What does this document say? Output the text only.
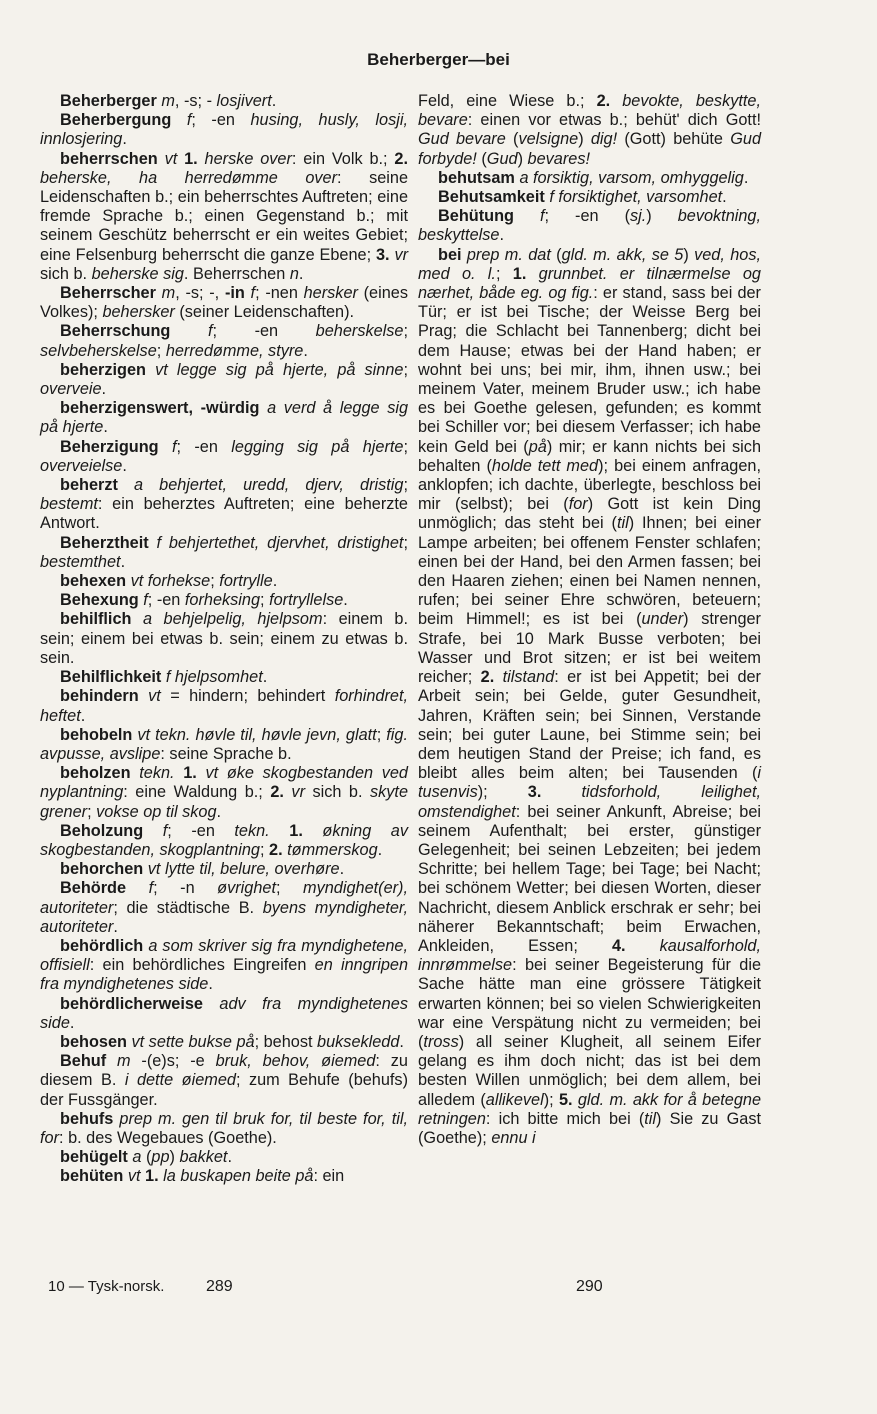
Beherberger—bei

Beherberger m, -s; - losjivert.

Beherbergung f; -en husing, husly, losji, innlosjering.

beherrschen vt 1. herske over: ein Volk b.; 2. beherske, ha herredømme over: seine Leidenschaften b.; ein beherrschtes Auftreten; eine fremde Sprache b.; einen Gegenstand b.; mit seinem Geschütz beherrscht er ein weites Gebiet; eine Felsenburg beherrscht die ganze Ebene; 3. vr sich b. beherske sig. Beherrschen n.

Beherrscher m, -s; -, -in f; -nen hersker (eines Volkes); behersker (seiner Leidenschaften).

Beherrschung f; -en beherskelse; selvbeherskelse; herredømme, styre.

beherzigen vt legge sig på hjerte, på sinne; overveie.

beherzigenswert, -würdig a verd å legge sig på hjerte.

Beherzigung f; -en legging sig på hjerte; overveielse.

beherzt a behjertet, uredd, djerv, dristig; bestemt: ein beherztes Auftreten; eine beherzte Antwort.

Beherztheit f behjertethet, djervhet, dristighet; bestemthet.

behexen vt forhekse; fortrylle.

Behexung f; -en forheksing; fortryllelse.

behilflich a behjelpelig, hjelpsom: einem b. sein; einem bei etwas b. sein; einem zu etwas b. sein.

Behilflichkeit f hjelpsomhet.

behindern vt = hindern; behindert forhindret, heftet.

behobeln vt tekn. høvle til, høvle jevn, glatt; fig. avpusse, avslipe: seine Sprache b.

beholzen tekn. 1. vt øke skogbestanden ved nyplantning: eine Waldung b.; 2. vr sich b. skyte grener; vokse op til skog.

Beholzung f; -en tekn. 1. økning av skogbestanden, skogplantning; 2. tømmerskog.

behorchen vt lytte til, belure, overhøre.

Behörde f; -n øvrighet; myndighet(er), autoriteter; die städtische B. byens myndigheter, autoriteter.

behördlich a som skriver sig fra myndighetene, offisiell: ein behördliches Eingreifen en inngripen fra myndighetenes side.

behördlicherweise adv fra myndighetenes side.

behosen vt sette bukse på; behost buksekledd.

Behuf m -(e)s; -e bruk, behov, øiemed: zu diesem B. i dette øiemed; zum Behufe (behufs) der Fussgänger.

behufs prep m. gen til bruk for, til beste for, til, for: b. des Wegebaues (Goethe).

behügelt a (pp) bakket.

behüten vt 1. la buskapen beite på: ein

Feld, eine Wiese b.; 2. bevokte, beskytte, bevare: einen vor etwas b.; behüt' dich Gott! Gud bevare (velsigne) dig! (Gott) behüte Gud forbyde! (Gud) bevares!

behutsam a forsiktig, varsom, omhyggelig.

Behutsamkeit f forsiktighet, varsomhet.

Behütung f; -en (sj.) bevoktning, beskyttelse.

bei prep m. dat (gld. m. akk, se 5) ved, hos, med o. l.; 1. grunnbet. er tilnærmelse og nærhet, både eg. og fig.: er stand, sass bei der Tür; er ist bei Tische; der Weisse Berg bei Prag; die Schlacht bei Tannenberg; dicht bei dem Hause; etwas bei der Hand haben; er wohnt bei uns; bei mir, ihm, ihnen usw.; bei meinem Vater, meinem Bruder usw.; ich habe es bei Goethe gelesen, gefunden; es kommt bei Schiller vor; bei diesem Verfasser; ich habe kein Geld bei (på) mir; er kann nichts bei sich behalten (holde tett med); bei einem anfragen, anklopfen; ich dachte, überlegte, beschloss bei mir (selbst); bei (for) Gott ist kein Ding unmöglich; das steht bei (til) Ihnen; bei einer Lampe arbeiten; bei offenem Fenster schlafen; einen bei der Hand, bei den Armen fassen; bei den Haaren ziehen; einen bei Namen nennen, rufen; bei seiner Ehre schwören, beteuern; beim Himmel!; es ist bei (under) strenger Strafe, bei 10 Mark Busse verboten; bei Wasser und Brot sitzen; er ist bei weitem reicher; 2. tilstand: er ist bei Appetit; bei der Arbeit sein; bei Gelde, guter Gesundheit, Jahren, Kräften sein; bei Sinnen, Verstande sein; bei guter Laune, bei Stimme sein; bei dem heutigen Stand der Preise; ich fand, es bleibt alles beim alten; bei Tausenden (i tusenvis); 3. tidsforhold, leilighet, omstendighet: bei seiner Ankunft, Abreise; bei seinem Aufenthalt; bei erster, günstiger Gelegenheit; bei seinen Lebzeiten; bei jedem Schritte; bei hellem Tage; bei Tage; bei Nacht; bei schönem Wetter; bei diesen Worten, dieser Nachricht, diesem Anblick erschrak er sehr; bei näherer Bekanntschaft; beim Erwachen, Ankleiden, Essen; 4. kausalforhold, innrømmelse: bei seiner Begeisterung für die Sache hätte man eine grössere Tätigkeit erwarten können; bei so vielen Schwierigkeiten war eine Verspätung nicht zu vermeiden; bei (tross) all seiner Klugheit, all seinem Eifer gelang es ihm doch nicht; das ist bei dem besten Willen unmöglich; bei dem allem, bei alledem (allikevel); 5. gld. m. akk for å betegne retningen: ich bitte mich bei (til) Sie zu Gast (Goethe); ennu i

10 — Tysk-norsk.	289	290
